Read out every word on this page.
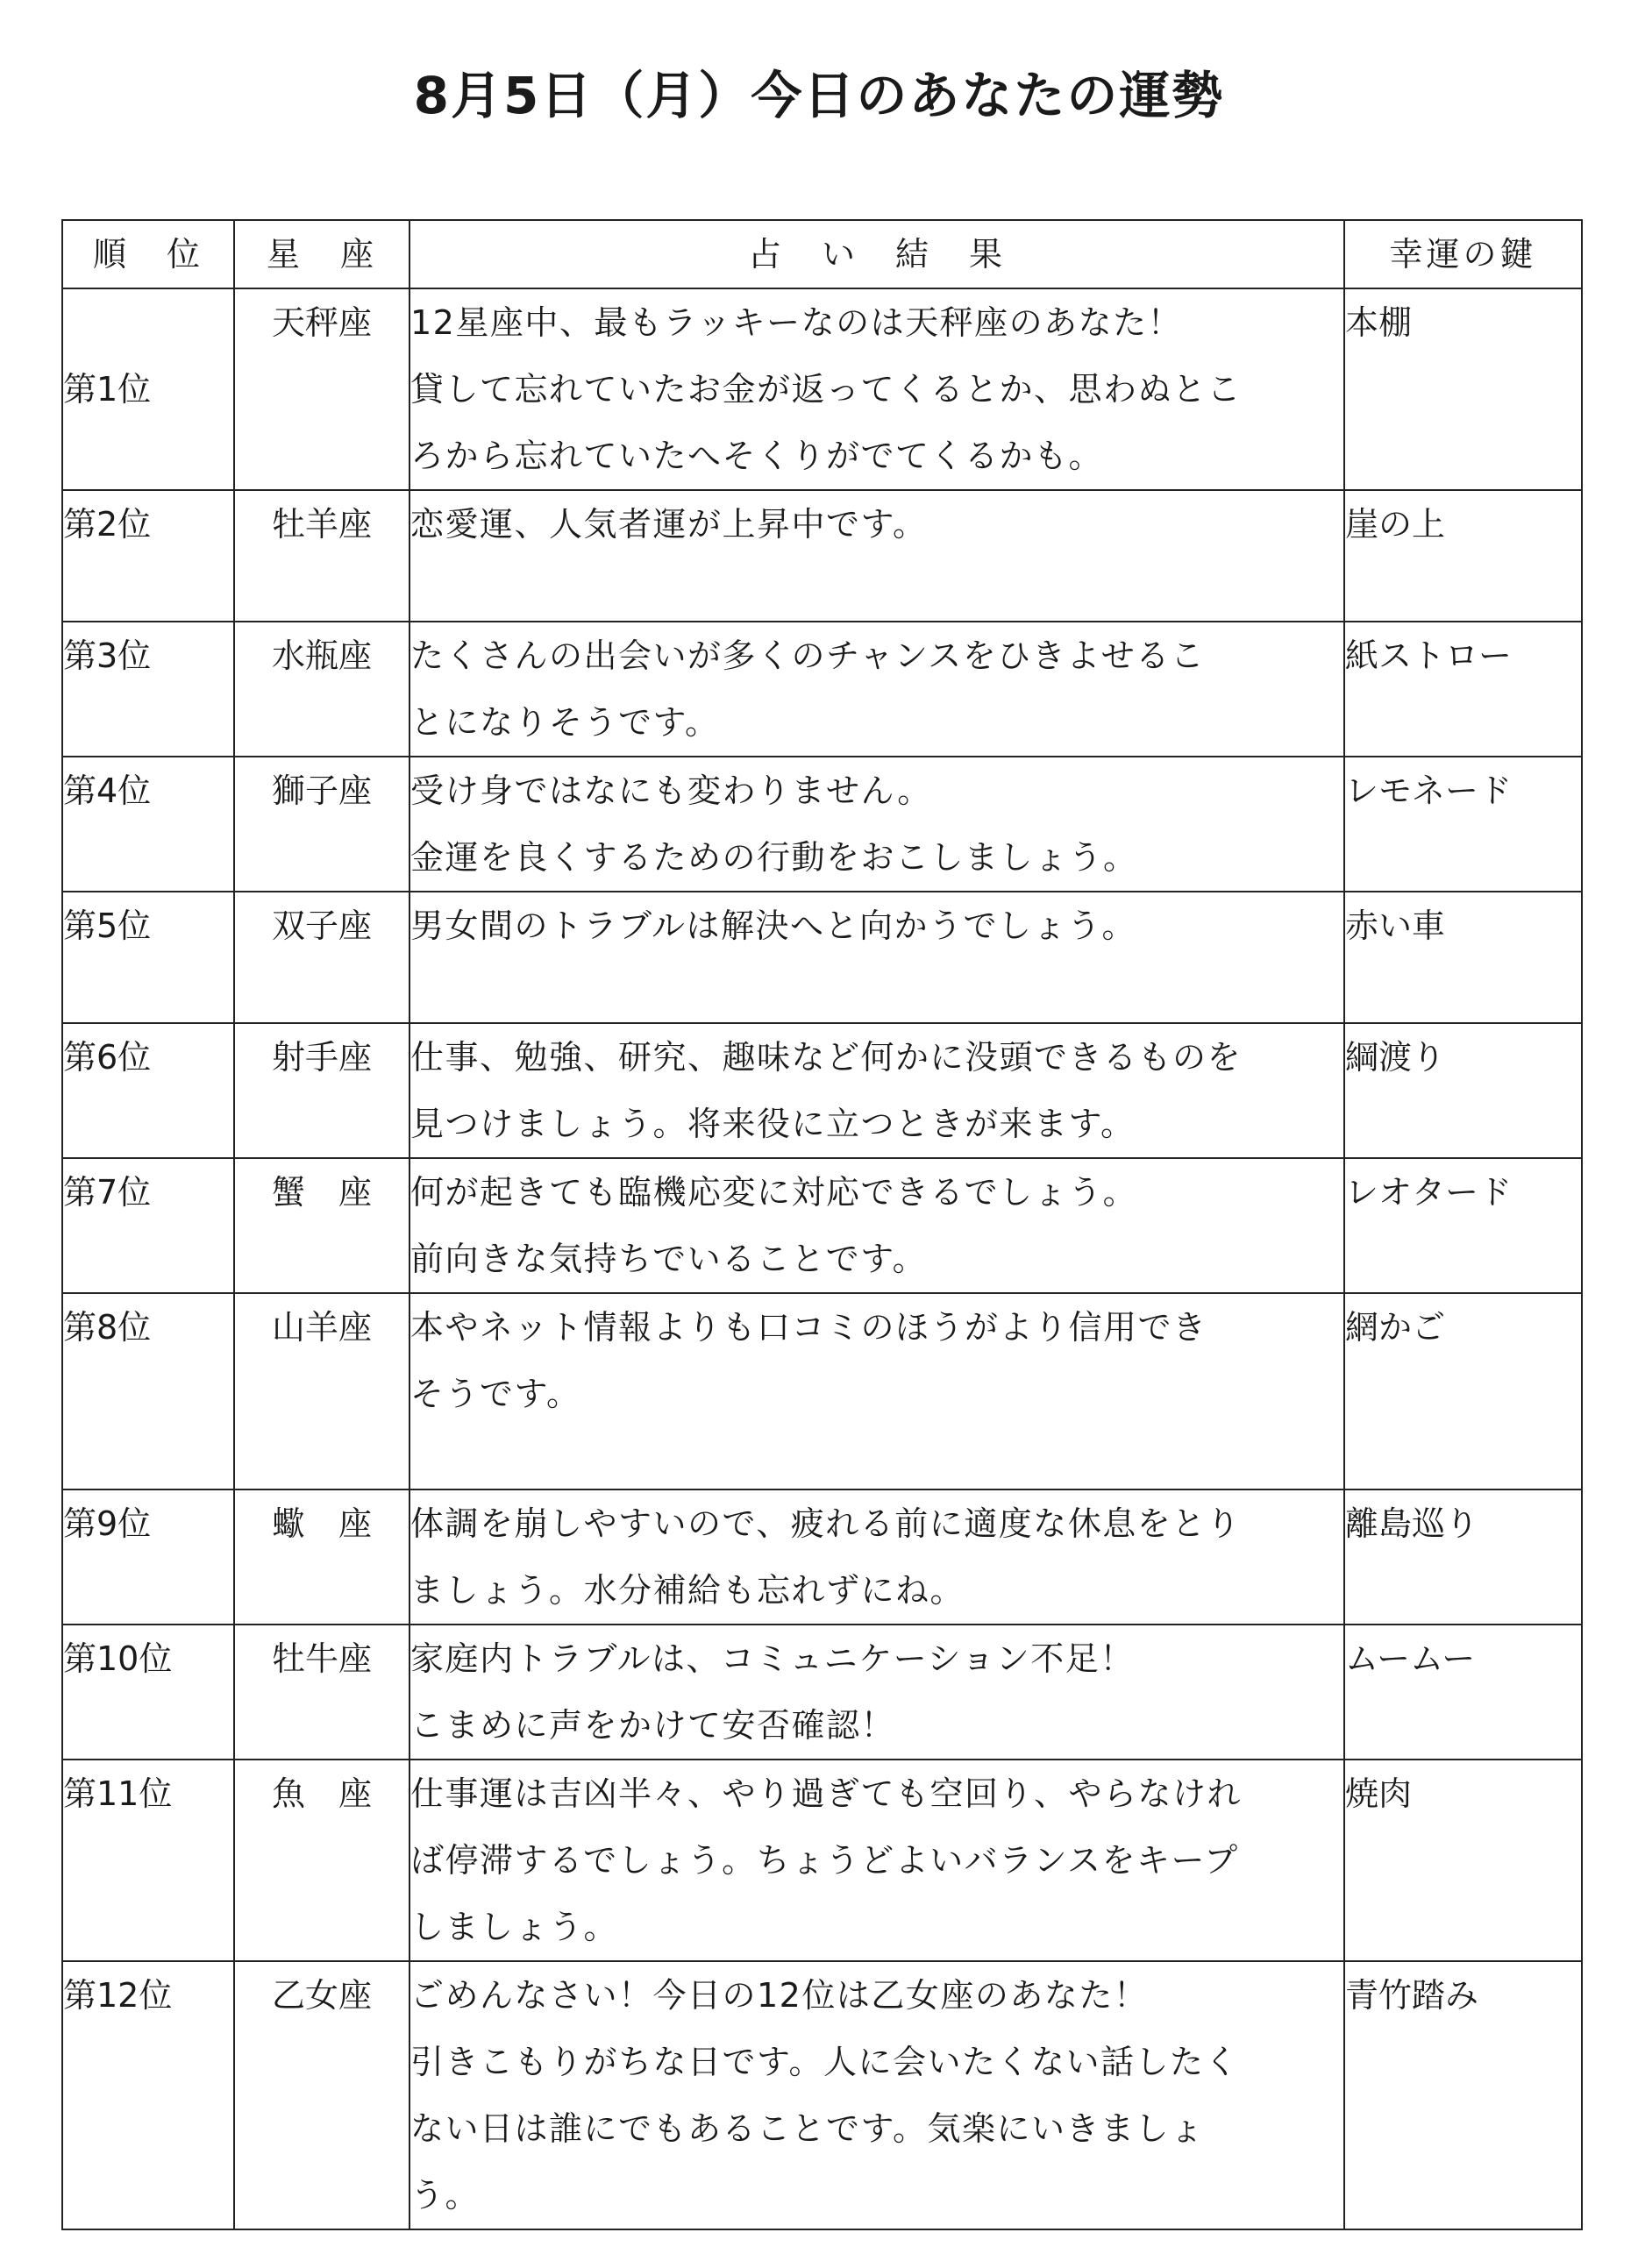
8月5日（月）今日のあなたの運勢
順　位	星　座	占　い　結　果	幸運の鍵
第1位	天秤座	12星座中、最もラッキーなのは天秤座のあなた！
貸して忘れていたお金が返ってくるとか、思わぬとこ
ろから忘れていたへそくりがでてくるかも。	本棚
第2位	牡羊座	恋愛運、人気者運が上昇中です。	崖の上
第3位	水瓶座	たくさんの出会いが多くのチャンスをひきよせるこ
とになりそうです。	紙ストロー
第4位	獅子座	受け身ではなにも変わりません。
金運を良くするための行動をおこしましょう。	レモネード
第5位	双子座	男女間のトラブルは解決へと向かうでしょう。	赤い車
第6位	射手座	仕事、勉強、研究、趣味など何かに没頭できるものを
見つけましょう。将来役に立つときが来ます。	綱渡り
第7位	蟹　座	何が起きても臨機応変に対応できるでしょう。
前向きな気持ちでいることです。	レオタード
第8位	山羊座	本やネット情報よりも口コミのほうがより信用でき
そうです。	網かご
第9位	蠍　座	体調を崩しやすいので、疲れる前に適度な休息をとり
ましょう。水分補給も忘れずにね。	離島巡り
第10位	牡牛座	家庭内トラブルは、コミュニケーション不足！
こまめに声をかけて安否確認！	ムームー
第11位	魚　座	仕事運は吉凶半々、やり過ぎても空回り、やらなけれ
ば停滞するでしょう。ちょうどよいバランスをキープ
しましょう。	焼肉
第12位	乙女座	ごめんなさい！今日の12位は乙女座のあなた！
引きこもりがちな日です。人に会いたくない話したく
ない日は誰にでもあることです。気楽にいきましょ
う。	青竹踏み
